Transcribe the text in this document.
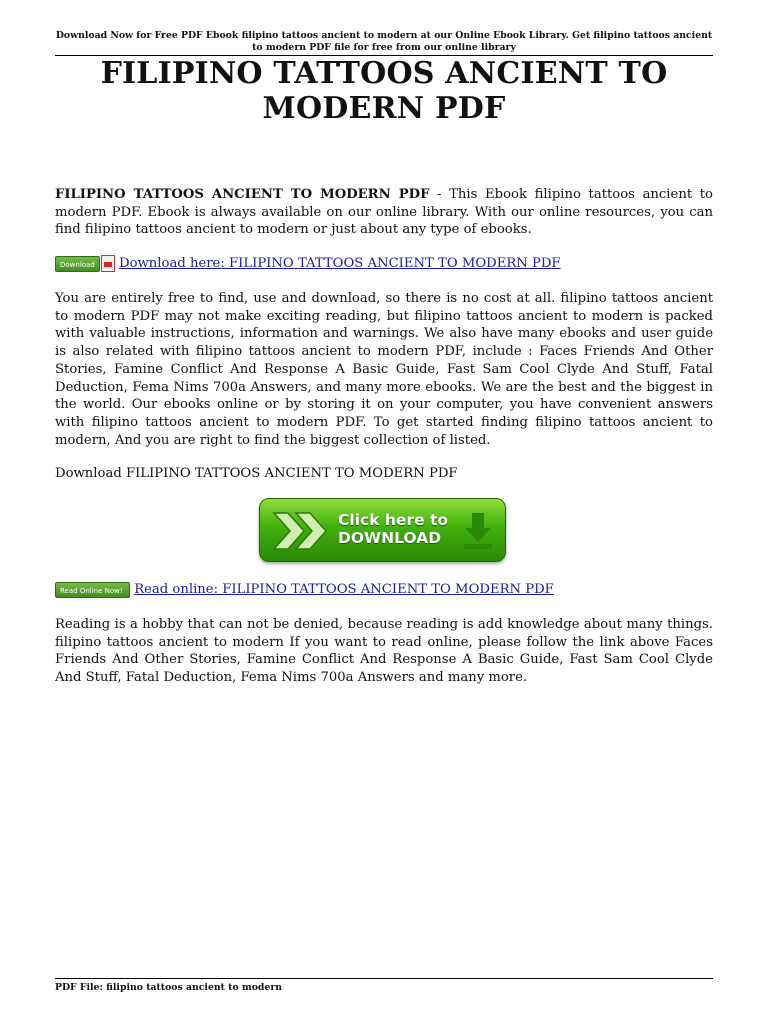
Download Now for Free PDF Ebook filipino tattoos ancient to modern at our Online Ebook Library. Get filipino tattoos ancient to modern PDF file for free from our online library
FILIPINO TATTOOS ANCIENT TO MODERN PDF

FILIPINO TATTOOS ANCIENT TO MODERN PDF - This Ebook filipino tattoos ancient to modern PDF. Ebook is always available on our online library. With our online resources, you can find filipino tattoos ancient to modern or just about any type of ebooks.

Download Download here: FILIPINO TATTOOS ANCIENT TO MODERN PDF

You are entirely free to find, use and download, so there is no cost at all. filipino tattoos ancient to modern PDF may not make exciting reading, but filipino tattoos ancient to modern is packed with valuable instructions, information and warnings. We also have many ebooks and user guide is also related with filipino tattoos ancient to modern PDF, include : Faces Friends And Other Stories, Famine Conflict And Response A Basic Guide, Fast Sam Cool Clyde And Stuff, Fatal Deduction, Fema Nims 700a Answers, and many more ebooks. We are the best and the biggest in the world. Our ebooks online or by storing it on your computer, you have convenient answers with filipino tattoos ancient to modern PDF. To get started finding filipino tattoos ancient to modern, And you are right to find the biggest collection of listed.

Download FILIPINO TATTOOS ANCIENT TO MODERN PDF

Click here to
DOWNLOAD
Read Online Now! Read online: FILIPINO TATTOOS ANCIENT TO MODERN PDF

Reading is a hobby that can not be denied, because reading is add knowledge about many things. filipino tattoos ancient to modern If you want to read online, please follow the link above Faces Friends And Other Stories, Famine Conflict And Response A Basic Guide, Fast Sam Cool Clyde And Stuff, Fatal Deduction, Fema Nims 700a Answers and many more.

PDF File: filipino tattoos ancient to modern
